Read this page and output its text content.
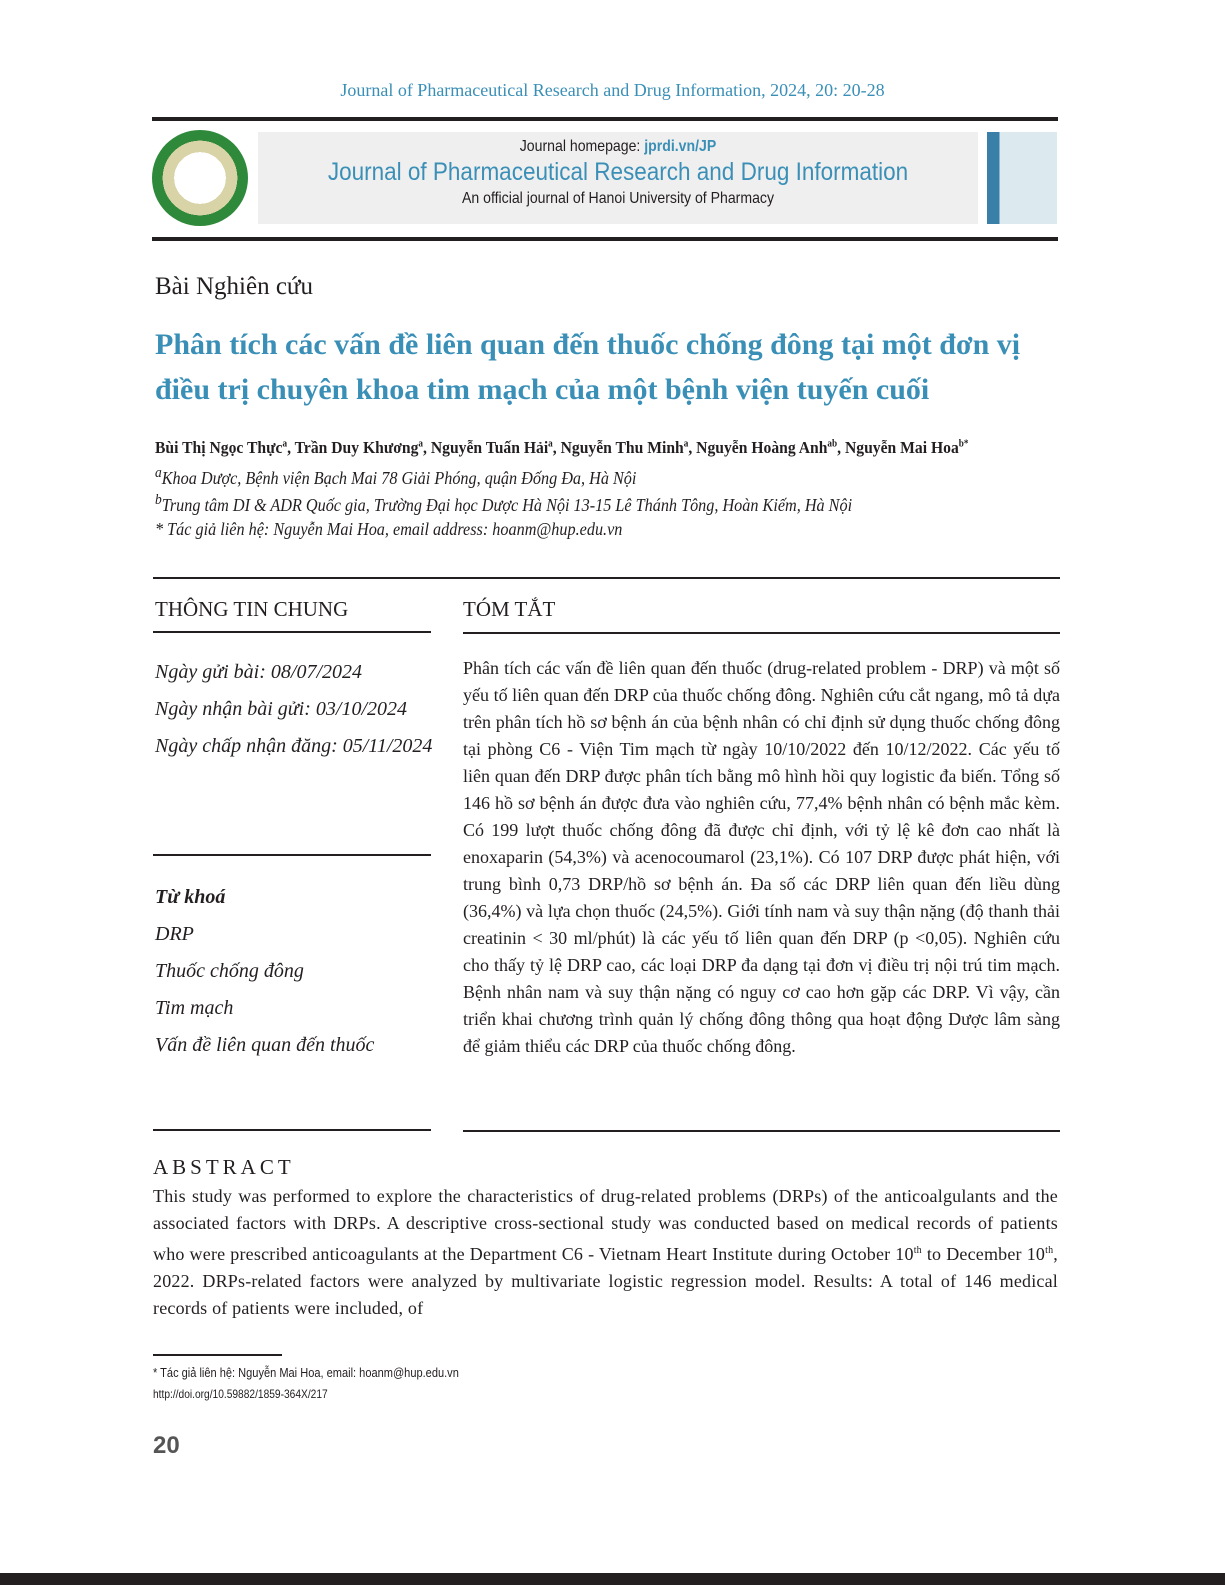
Journal of Pharmaceutical Research and Drug Information, 2024, 20: 20-28
Journal homepage: jprdi.vn/JP
Journal of Pharmaceutical Research and Drug Information
An official journal of Hanoi University of Pharmacy
Bài Nghiên cứu
Phân tích các vấn đề liên quan đến thuốc chống đông tại một đơn vị điều trị chuyên khoa tim mạch của một bệnh viện tuyến cuối
Bùi Thị Ngọc Thực$^a$, Trần Duy Khương$^a$, Nguyễn Tuấn Hải$^a$, Nguyễn Thu Minh$^a$, Nguyễn Hoàng Anh$^{ab}$, Nguyễn Mai Hoa$^{b*}$
$^a$Khoa Dược, Bệnh viện Bạch Mai 78 Giải Phóng, quận Đống Đa, Hà Nội
$^b$Trung tâm DI & ADR Quốc gia, Trường Đại học Dược Hà Nội 13-15 Lê Thánh Tông, Hoàn Kiếm, Hà Nội
* Tác giả liên hệ: Nguyễn Mai Hoa, email address: hoanm@hup.edu.vn
THÔNG TIN CHUNG	TÓM TẮT
Ngày gửi bài: 08/07/2024
Ngày nhận bài gửi: 03/10/2024
Ngày chấp nhận đăng: 05/11/2024
Từ khoá
DRP
Thuốc chống đông
Tim mạch
Vấn đề liên quan đến thuốc
Phân tích các vấn đề liên quan đến thuốc (drug-related problem - DRP) và một số yếu tố liên quan đến DRP của thuốc chống đông. Nghiên cứu cắt ngang, mô tả dựa trên phân tích hồ sơ bệnh án của bệnh nhân có chỉ định sử dụng thuốc chống đông tại phòng C6 - Viện Tim mạch từ ngày 10/10/2022 đến 10/12/2022. Các yếu tố liên quan đến DRP được phân tích bằng mô hình hồi quy logistic đa biến. Tổng số 146 hồ sơ bệnh án được đưa vào nghiên cứu, 77,4% bệnh nhân có bệnh mắc kèm. Có 199 lượt thuốc chống đông đã được chỉ định, với tỷ lệ kê đơn cao nhất là enoxaparin (54,3%) và acenocoumarol (23,1%). Có 107 DRP được phát hiện, với trung bình 0,73 DRP/hồ sơ bệnh án. Đa số các DRP liên quan đến liều dùng (36,4%) và lựa chọn thuốc (24,5%). Giới tính nam và suy thận nặng (độ thanh thải creatinin < 30 ml/phút) là các yếu tố liên quan đến DRP (p <0,05). Nghiên cứu cho thấy tỷ lệ DRP cao, các loại DRP đa dạng tại đơn vị điều trị nội trú tim mạch. Bệnh nhân nam và suy thận nặng có nguy cơ cao hơn gặp các DRP. Vì vậy, cần triển khai chương trình quản lý chống đông thông qua hoạt động Dược lâm sàng để giảm thiểu các DRP của thuốc chống đông.
ABSTRACT
This study was performed to explore the characteristics of drug-related problems (DRPs) of the anticoalgulants and the associated factors with DRPs. A descriptive cross-sectional study was conducted based on medical records of patients who were prescribed anticoagulants at the Department C6 - Vietnam Heart Institute during October 10th to December 10th, 2022. DRPs-related factors were analyzed by multivariate logistic regression model. Results: A total of 146 medical records of patients were included, of
* Tác giả liên hệ: Nguyễn Mai Hoa, email: hoanm@hup.edu.vn
http://doi.org/10.59882/1859-364X/217
20
